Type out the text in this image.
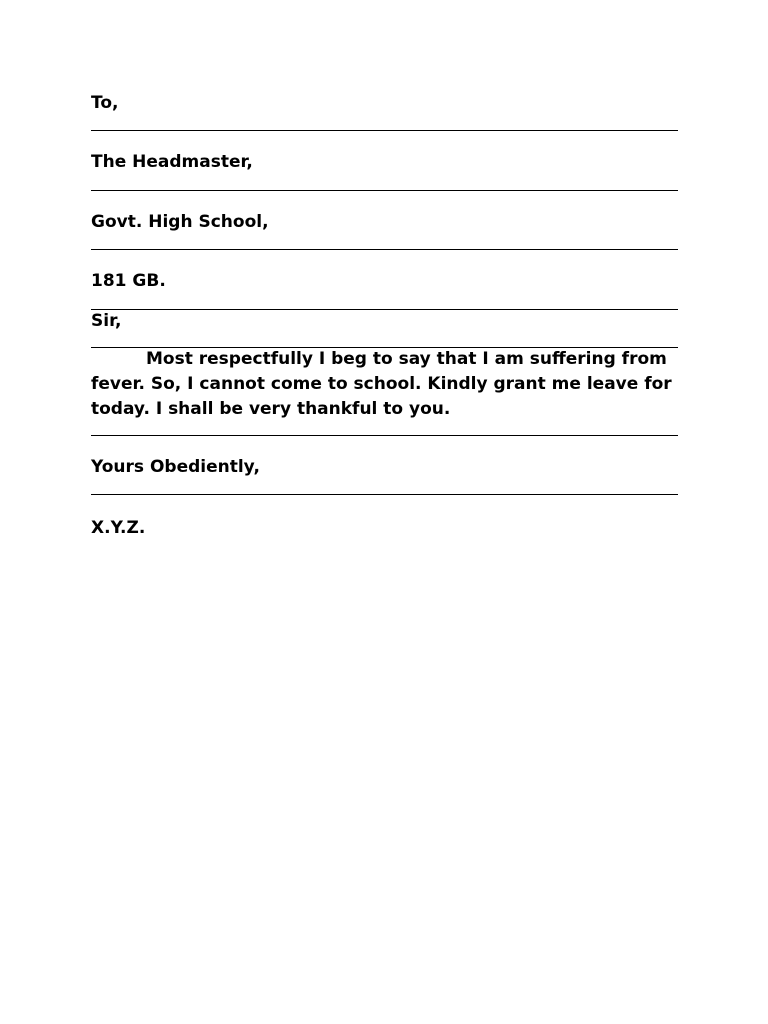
To,
The Headmaster,
Govt. High School,
181 GB.
Sir,
Most respectfully I beg to say that I am suffering from fever. So, I cannot come to school. Kindly grant me leave for today. I shall be very thankful to you.
Yours Obediently,
X.Y.Z.
